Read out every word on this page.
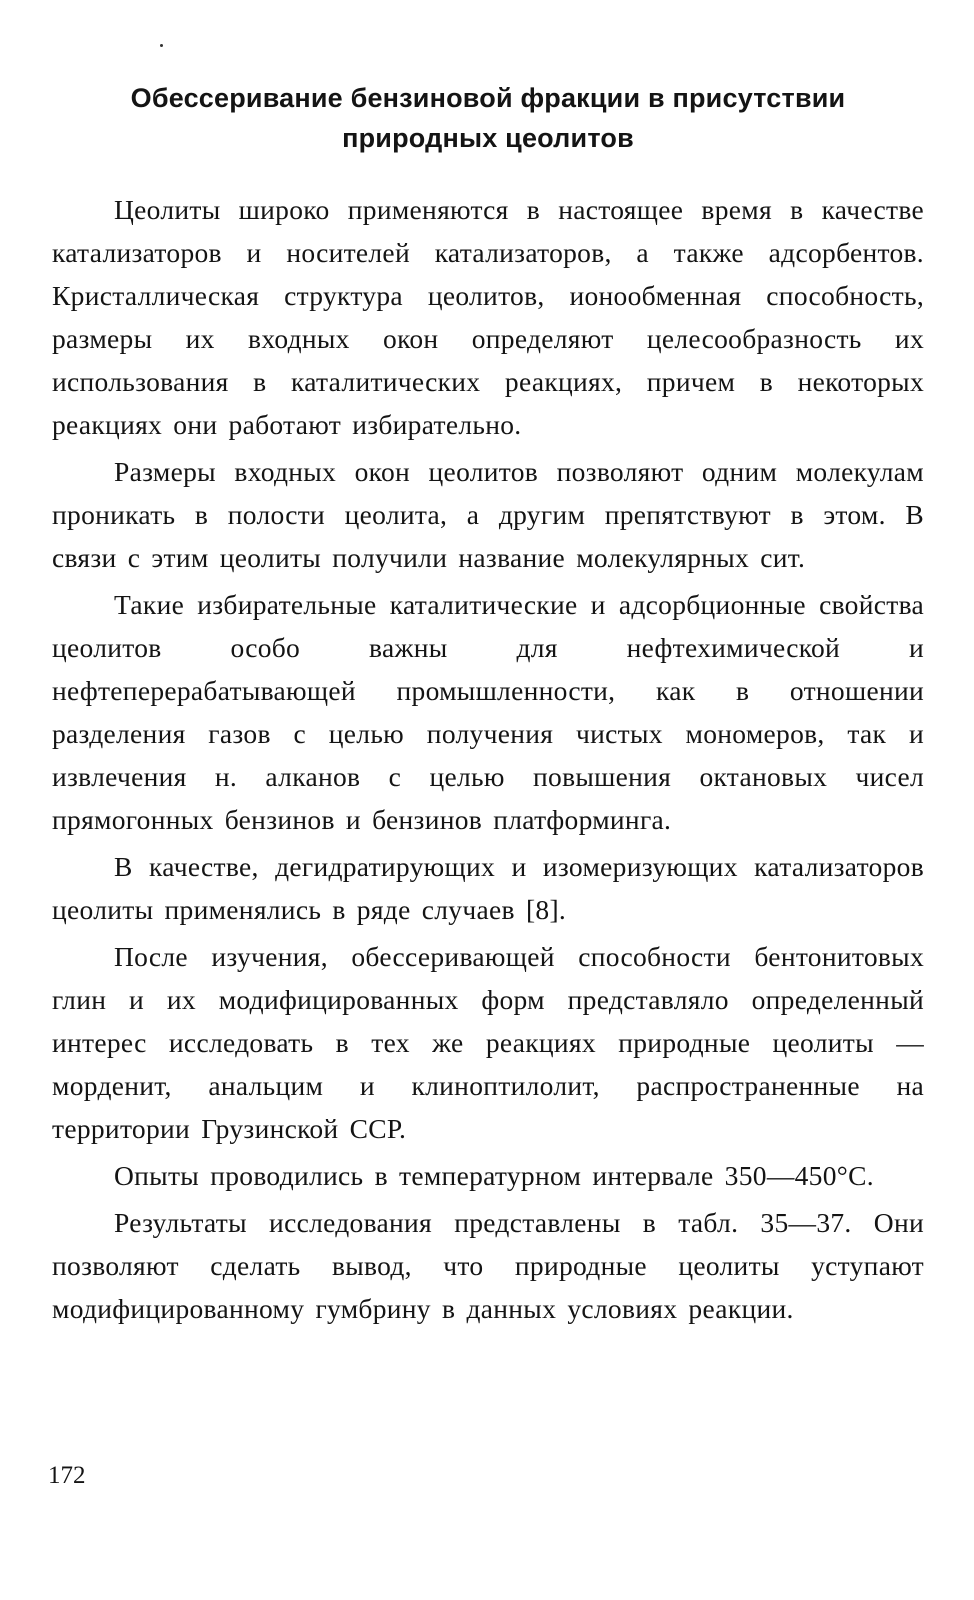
Обессеривание бензиновой фракции в присутствии
природных цеолитов

Цеолиты широко применяются в настоящее время в качестве катализаторов и носителей катализаторов, а также адсорбентов. Кристаллическая структура цеолитов, ионообменная способность, размеры их входных окон определяют целесообразность их использования в каталитических реакциях, причем в некоторых реакциях они работают избирательно.

Размеры входных окон цеолитов позволяют одним молекулам проникать в полости цеолита, а другим препятствуют в этом. В связи с этим цеолиты получили название молекулярных сит.

Такие избирательные каталитические и адсорбционные свойства цеолитов особо важны для нефтехимической и нефтеперерабатывающей промышленности, как в отношении разделения газов с целью получения чистых мономеров, так и извлечения н. алканов с целью повышения октановых чисел прямогонных бензинов и бензинов платформинга.

В качестве, дегидратирующих и изомеризующих катализаторов цеолиты применялись в ряде случаев [8].

После изучения, обессеривающей способности бентонитовых глин и их модифицированных форм представляло определенный интерес исследовать в тех же реакциях природные цеолиты — морденит, анальцим и клиноптилолит, распространенные на территории Грузинской ССР.

Опыты проводились в температурном интервале 350—450°C.

Результаты исследования представлены в табл. 35—37. Они позволяют сделать вывод, что природные цеолиты уступают модифицированному гумбрину в данных условиях реакции.

172
